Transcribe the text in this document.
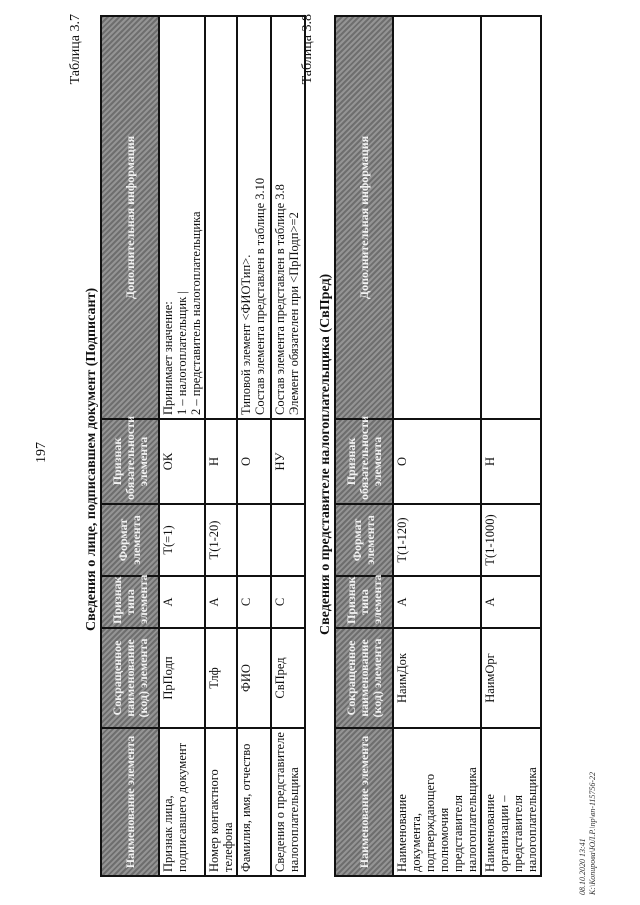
197
Таблица 3.7
Сведения о лице, подписавшем документ (Подписант)
Наименование элемента	Сокращенное наименование (код) элемента	Признак типа элемента	Формат элемента	Признак обязательности элемента	Дополнительная информация
Признак лица, подписавшего документ	ПрПодп	А	T(=1)	ОК	Принимает значение:
1 – налогоплательщик |
2 – представитель налогоплательщика
Номер контактного телефона	Тлф	А	T(1-20)	Н	
Фамилия, имя, отчество	ФИО	С		О	Типовой элемент <ФИОТип>.
Состав элемента представлен в таблице 3.10
Сведения о представителе налогоплательщика	СвПред	С		НУ	Состав элемента представлен в таблице 3.8
Элемент обязателен при <ПрПодп>=2
Таблица 3.8
Сведения о представителе налогоплательщика (СвПред)
Наименование элемента	Сокращенное наименование (код) элемента	Признак типа элемента	Формат элемента	Признак обязательности элемента	Дополнительная информация
Наименование документа, подтверждающего полномочия представителя налогоплательщика	НаимДок	А	T(1-120)	О	
Наименование организации – представителя налогоплательщика	НаимОрг	А	T(1-1000)	Н	
08.10.2020 13:41 К:\Копирова\ЮЛ.Р.\пр\вп-115756-22
